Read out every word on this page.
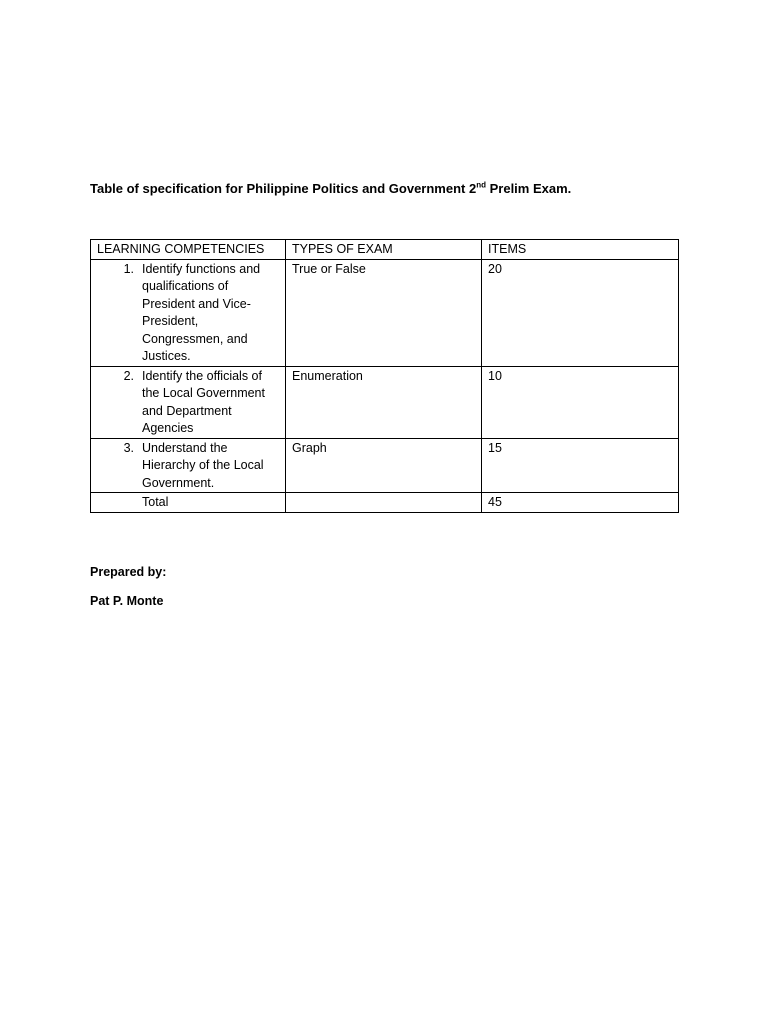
Table of specification for Philippine Politics and Government 2nd Prelim Exam.
LEARNING COMPETENCIES	TYPES OF EXAM	ITEMS

1. Identify functions and qualifications of President and Vice-President, Congressmen, and Justices.	True or False	20

2. Identify the officials of the Local Government and Department Agencies	Enumeration	10

3. Understand the Hierarchy of the Local Government.	Graph	15
Total		45
Prepared by:
Pat P. Monte
